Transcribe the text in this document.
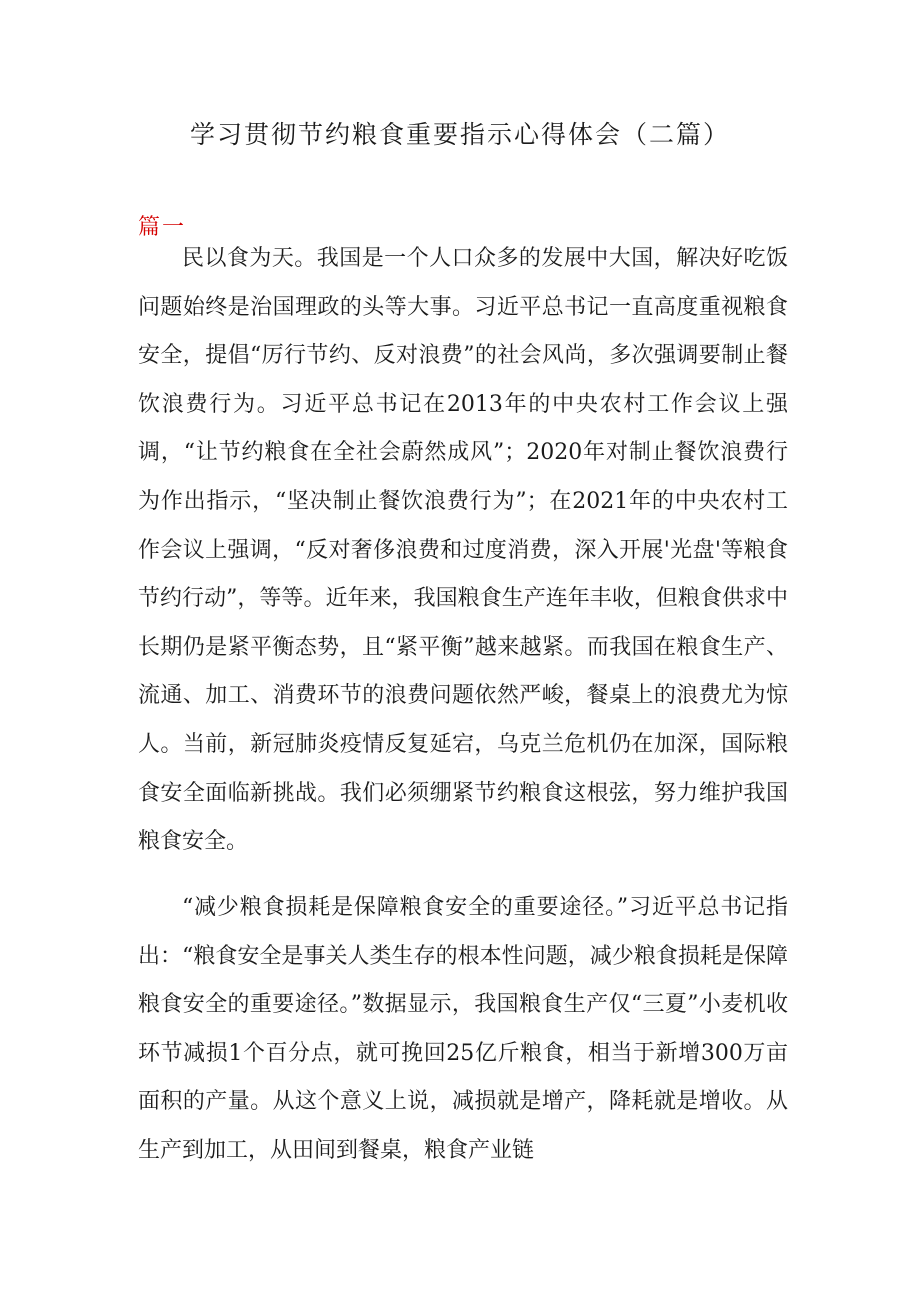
学习贯彻节约粮食重要指示心得体会（二篇）
篇一

民以食为天。我国是一个人口众多的发展中大国，解决好吃饭问题始终是治国理政的头等大事。习近平总书记一直高度重视粮食安全，提倡“厉行节约、反对浪费”的社会风尚，多次强调要制止餐饮浪费行为。习近平总书记在2013年的中央农村工作会议上强调，“让节约粮食在全社会蔚然成风”；2020年对制止餐饮浪费行为作出指示，“坚决制止餐饮浪费行为”；在2021年的中央农村工作会议上强调，“反对奢侈浪费和过度消费，深入开展'光盘'等粮食节约行动”，等等。近年来，我国粮食生产连年丰收，但粮食供求中长期仍是紧平衡态势，且“紧平衡”越来越紧。而我国在粮食生产、流通、加工、消费环节的浪费问题依然严峻，餐桌上的浪费尤为惊人。当前，新冠肺炎疫情反复延宕，乌克兰危机仍在加深，国际粮食安全面临新挑战。我们必须绷紧节约粮食这根弦，努力维护我国粮食安全。

“减少粮食损耗是保障粮食安全的重要途径。”习近平总书记指出：“粮食安全是事关人类生存的根本性问题，减少粮食损耗是保障粮食安全的重要途径。”数据显示，我国粮食生产仅“三夏”小麦机收环节减损1个百分点，就可挽回25亿斤粮食，相当于新增300万亩面积的产量。从这个意义上说，减损就是增产，降耗就是增收。从生产到加工，从田间到餐桌，粮食产业链
